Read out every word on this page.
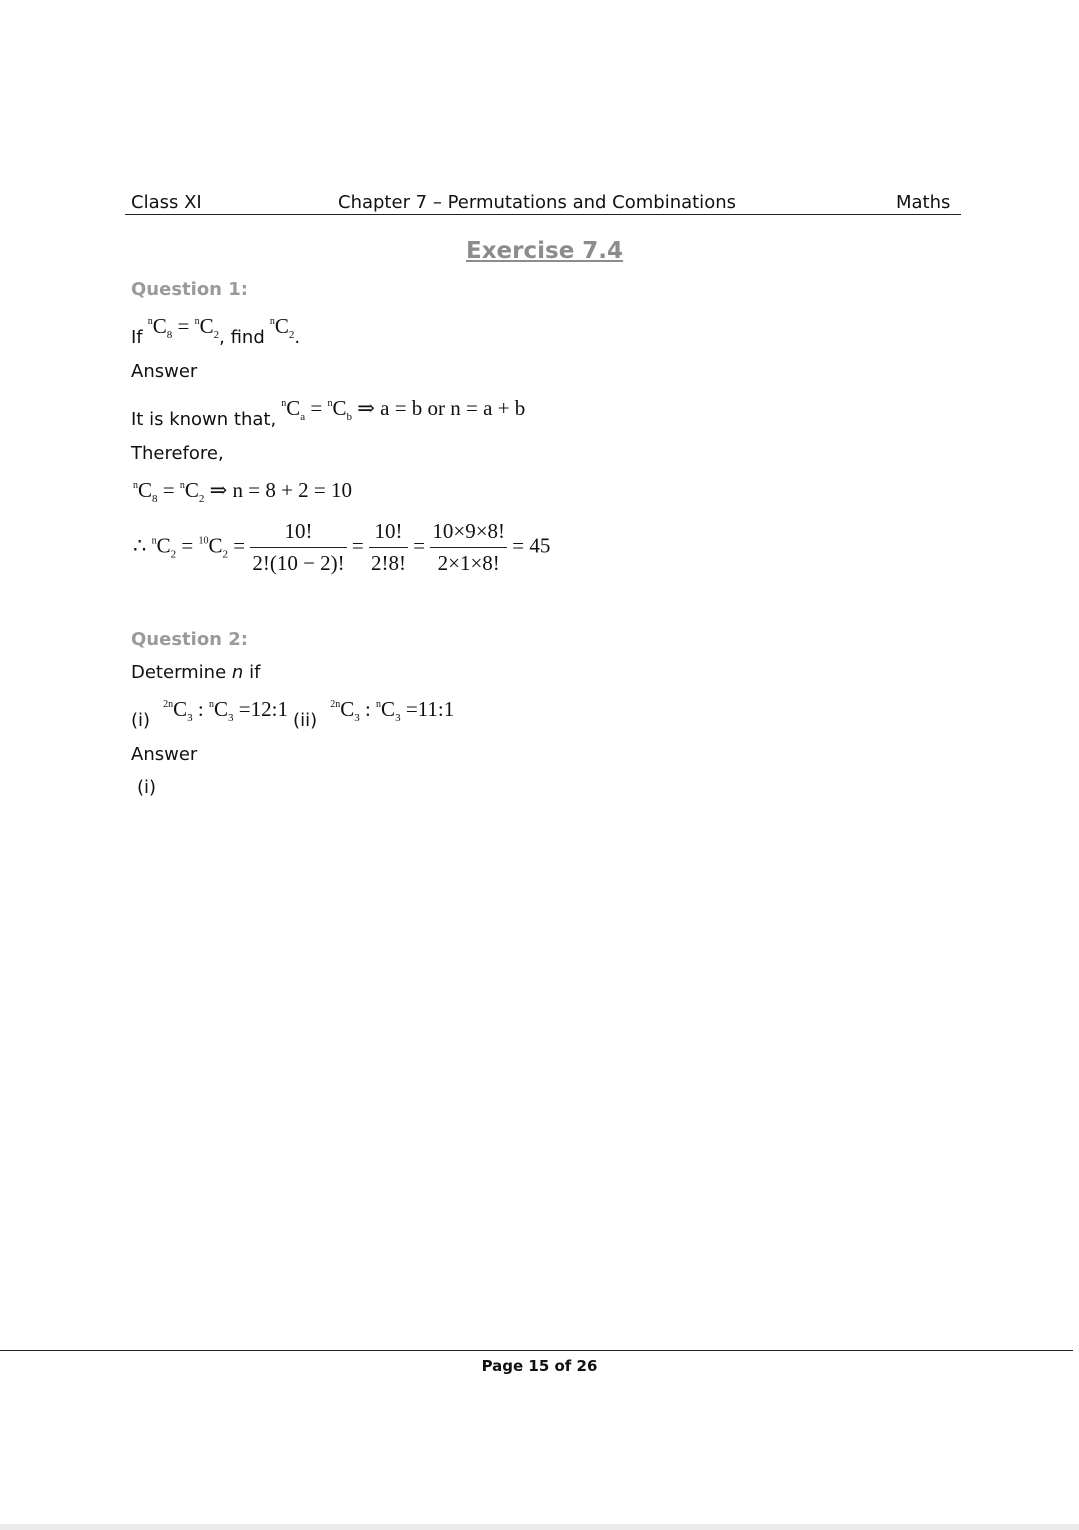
Class XI	Chapter 7 – Permutations and Combinations	Maths
Exercise 7.4
Question 1:
If $^nC_8 = ^nC_2$, find $^nC_2$.
Answer
It is known that, $^nC_a = ^nC_b$ ⇒ a = b or n = a + b
Therefore,
$^nC_8 = ^nC_2$ ⇒ n = 8 + 2 = 10
∴ $^nC_2 = ^{10}C_2 = \frac{10!}{2!(10 - 2)!} = \frac{10!}{2!8!} = \frac{10\times 9\times 8!}{2\times 1\times 8!} = 45$
Question 2:
Determine n if
(i) $^{2n}C_3$ : $^nC_3$ =12:1 (ii) $^{2n}C_3$ : $^nC_3$ =11:1
Answer
(i)
Page 15 of 26
